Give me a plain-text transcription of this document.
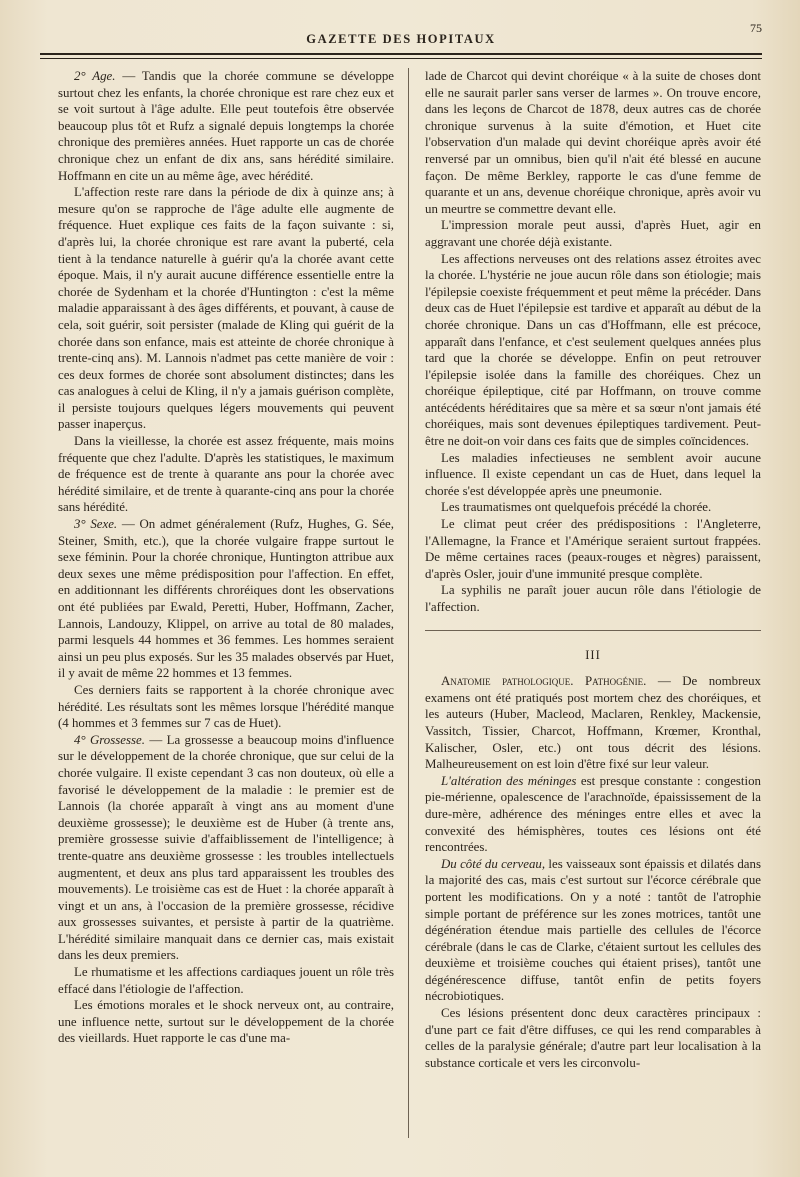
GAZETTE DES HOPITAUX
75

2° Age. — Tandis que la chorée commune se développe surtout chez les enfants, la chorée chronique est rare chez eux et se voit surtout à l'âge adulte. Elle peut toutefois être observée beaucoup plus tôt et Rufz a signalé depuis longtemps la chorée chronique des premières années. Huet rapporte un cas de chorée chronique chez un enfant de dix ans, sans hérédité similaire. Hoffmann en cite un au même âge, avec hérédité.

L'affection reste rare dans la période de dix à quinze ans; à mesure qu'on se rapproche de l'âge adulte elle augmente de fréquence. Huet explique ces faits de la façon suivante : si, d'après lui, la chorée chronique est rare avant la puberté, cela tient à la tendance naturelle à guérir qu'a la chorée avant cette époque. Mais, il n'y aurait aucune différence essentielle entre la chorée de Sydenham et la chorée d'Huntington : c'est la même maladie apparaissant à des âges différents, et pouvant, à cause de cela, soit guérir, soit persister (malade de Kling qui guérit de la chorée dans son enfance, mais est atteinte de chorée chronique à trente-cinq ans). M. Lannois n'admet pas cette manière de voir : ces deux formes de chorée sont absolument distinctes; dans les cas analogues à celui de Kling, il n'y a jamais guérison complète, il persiste toujours quelques légers mouvements qui peuvent passer inaperçus.

Dans la vieillesse, la chorée est assez fréquente, mais moins fréquente que chez l'adulte. D'après les statistiques, le maximum de fréquence est de trente à quarante ans pour la chorée avec hérédité similaire, et de trente à quarante-cinq ans pour la chorée sans hérédité.

3° Sexe. — On admet généralement (Rufz, Hughes, G. Sée, Steiner, Smith, etc.), que la chorée vulgaire frappe surtout le sexe féminin. Pour la chorée chronique, Huntington attribue aux deux sexes une même prédisposition pour l'affection. En effet, en additionnant les différents chroréiques dont les observations ont été publiées par Ewald, Peretti, Huber, Hoffmann, Zacher, Lannois, Landouzy, Klippel, on arrive au total de 80 malades, parmi lesquels 44 hommes et 36 femmes. Les hommes seraient ainsi un peu plus exposés. Sur les 35 malades observés par Huet, il y avait de même 22 hommes et 13 femmes.

Ces derniers faits se rapportent à la chorée chronique avec hérédité. Les résultats sont les mêmes lorsque l'hérédité manque (4 hommes et 3 femmes sur 7 cas de Huet).

4° Grossesse. — La grossesse a beaucoup moins d'influence sur le développement de la chorée chronique, que sur celui de la chorée vulgaire. Il existe cependant 3 cas non douteux, où elle a favorisé le développement de la maladie : le premier est de Lannois (la chorée apparaît à vingt ans au moment d'une deuxième grossesse); le deuxième est de Huber (à trente ans, première grossesse suivie d'affaiblissement de l'intelligence; à trente-quatre ans deuxième grossesse : les troubles intellectuels augmentent, et deux ans plus tard apparaissent les troubles des mouvements). Le troisième cas est de Huet : la chorée apparaît à vingt et un ans, à l'occasion de la première grossesse, récidive aux grossesses suivantes, et persiste à partir de la quatrième. L'hérédité similaire manquait dans ce dernier cas, mais existait dans les deux premiers.

Le rhumatisme et les affections cardiaques jouent un rôle très effacé dans l'étiologie de l'affection.

Les émotions morales et le shock nerveux ont, au contraire, une influence nette, surtout sur le développement de la chorée des vieillards. Huet rapporte le cas d'une ma-

lade de Charcot qui devint choréique « à la suite de choses dont elle ne saurait parler sans verser de larmes ». On trouve encore, dans les leçons de Charcot de 1878, deux autres cas de chorée chronique survenus à la suite d'émotion, et Huet cite l'observation d'un malade qui devint choréique après avoir été renversé par un omnibus, bien qu'il n'ait été blessé en aucune façon. De même Berkley, rapporte le cas d'une femme de quarante et un ans, devenue choréique chronique, après avoir vu un meurtre se commettre devant elle.

L'impression morale peut aussi, d'après Huet, agir en aggravant une chorée déjà existante.

Les affections nerveuses ont des relations assez étroites avec la chorée. L'hystérie ne joue aucun rôle dans son étiologie; mais l'épilepsie coexiste fréquemment et peut même la précéder. Dans deux cas de Huet l'épilepsie est tardive et apparaît au début de la chorée chronique. Dans un cas d'Hoffmann, elle est précoce, apparaît dans l'enfance, et c'est seulement quelques années plus tard que la chorée se développe. Enfin on peut retrouver l'épilepsie isolée dans la famille des choréiques. Chez un choréique épileptique, cité par Hoffmann, on trouve comme antécédents héréditaires que sa mère et sa sœur n'ont jamais été choréiques, mais sont devenues épileptiques tardivement. Peut-être ne doit-on voir dans ces faits que de simples coïncidences.

Les maladies infectieuses ne semblent avoir aucune influence. Il existe cependant un cas de Huet, dans lequel la chorée s'est développée après une pneumonie.

Les traumatismes ont quelquefois précédé la chorée.

Le climat peut créer des prédispositions : l'Angleterre, l'Allemagne, la France et l'Amérique seraient surtout frappées. De même certaines races (peaux-rouges et nègres) paraissent, d'après Osler, jouir d'une immunité presque complète.

La syphilis ne paraît jouer aucun rôle dans l'étiologie de l'affection.

III

Anatomie pathologique. Pathogénie. — De nombreux examens ont été pratiqués post mortem chez des choréiques, et les auteurs (Huber, Macleod, Maclaren, Renkley, Mackensie, Vassitch, Tissier, Charcot, Hoffmann, Krœmer, Kronthal, Kalischer, Osler, etc.) ont tous décrit des lésions. Malheureusement on est loin d'être fixé sur leur valeur.

L'altération des méninges est presque constante : congestion pie-mérienne, opalescence de l'arachnoïde, épaississement de la dure-mère, adhérence des méninges entre elles et avec la convexité des hémisphères, toutes ces lésions ont été rencontrées.

Du côté du cerveau, les vaisseaux sont épaissis et dilatés dans la majorité des cas, mais c'est surtout sur l'écorce cérébrale que portent les modifications. On y a noté : tantôt de l'atrophie simple portant de préférence sur les zones motrices, tantôt une dégénération étendue mais partielle des cellules de l'écorce cérébrale (dans le cas de Clarke, c'étaient surtout les cellules des deuxième et troisième couches qui étaient prises), tantôt une dégénérescence diffuse, tantôt enfin de petits foyers nécrobiotiques.

Ces lésions présentent donc deux caractères principaux : d'une part ce fait d'être diffuses, ce qui les rend comparables à celles de la paralysie générale; d'autre part leur localisation à la substance corticale et vers les circonvolu-
